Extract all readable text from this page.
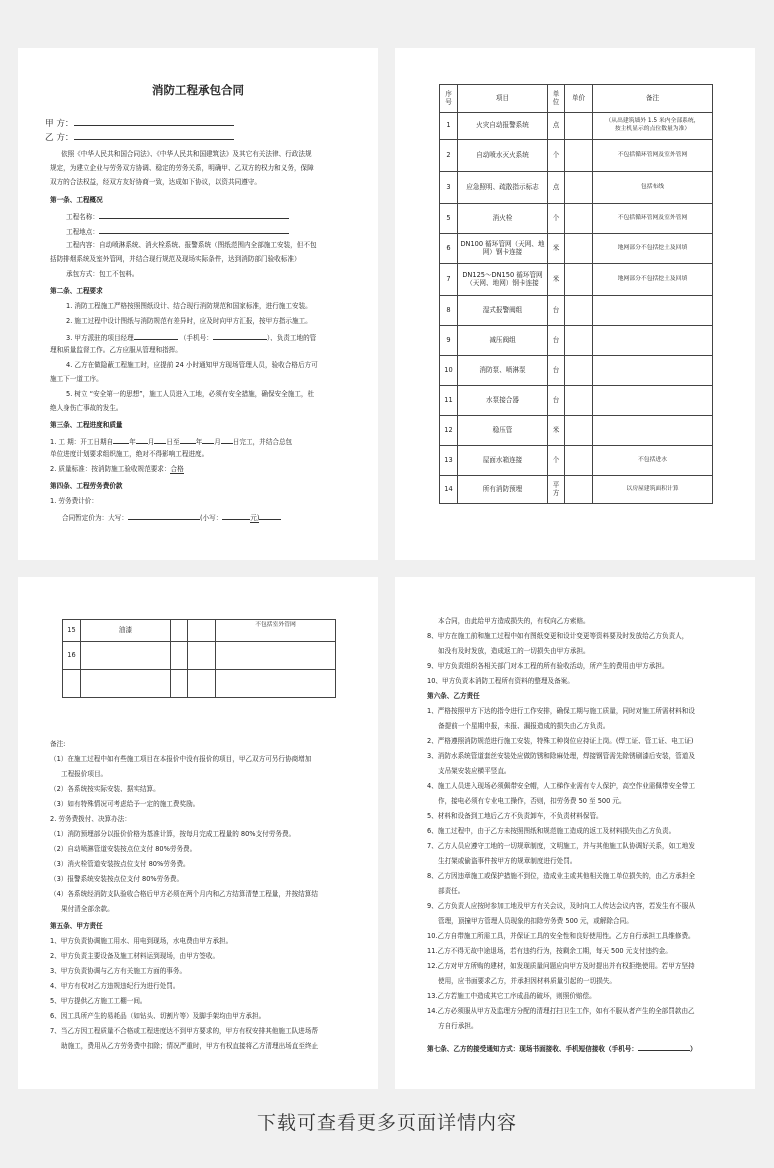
消防工程承包合同
甲 方：
乙 方：
依照《中华人民共和国合同法》、《中华人民共和国建筑法》及其它有关法律、行政法规
规定，为建立企业与劳务双方协调、稳定的劳务关系，明确甲、乙双方的权力和义务，保障
双方的合法权益，经双方友好协商一致，达成如下协议，以资共同遵守。
第一条、工程概况
工程名称：
工程地点：
工程内容：自动喷淋系统、消火栓系统、报警系统（图纸范围内全部施工安装，但不包
括防排烟系统及室外管网，并结合现行规范及现场实际条件，达到消防部门验收标准）
承包方式：包工不包料。
第二条、工程要求
1. 消防工程施工严格按照图纸设计、结合现行消防规范和国家标准，进行施工安装。
2. 施工过程中设计图纸与消防规范有差异时，应及时向甲方汇报，按甲方指示施工。
3. 甲方派驻的项目经理	（手机号：	）、负责工地的管
理和质量监督工作。乙方应服从管理和指挥。
4. 乙方在做隐蔽工程施工时，应提前 24 小时通知甲方现场管理人员，验收合格后方可
施工下一道工序。
5. 树立 “安全第一的思想”，施工人员进入工地，必须有安全措施，确保安全施工，杜
绝人身伤亡事故的发生。
第三条、工程进度和质量
1. 工 期：开工日期自 年 月 日至 年 月 日完工，并结合总包
单位进度计划要求组织施工，绝对不得影响工程进度。
2. 质量标准：按消防施工验收规范要求：合格
第四条、工程劳务费价款
1. 劳务费计价：
合同暂定价为：大写：	(小写：	元)
序号	项目	单位	单价	备注
1	火灾自动报警系统	点		（从出建筑墙外 1.5 米内全部系统，
按主机显示的点位数量为准）

2	自动喷水灭火系统	个		不包括循环管网及室外管网

3	应急照明、疏散指示标志	点		包括布线

5	消火栓	个		不包括循环管网及室外管网

6	DN100 循环管网（天网、地网）钢卡连接	米		地网部分不包括挖土及回填

7	DN125～DN150 循环管网（天网、地网）钢卡连接	米		地网部分不包括挖土及回填

8	湿式报警阀组	台		

9	减压阀组	台		

10	消防泵、喷淋泵	台		

11	水泵接合器	台		

12	稳压管	米		

13	屋面水箱连接	个		不包括进水

14	所有消防预埋	平方		以房屋建筑面积计算
15	油漆			不包括室外管网
16				

备注:
（1）在施工过程中如有些施工项目在本报价中没有报价的项目，甲乙双方可另行协商增加
工程报价项目。
（2）各系统按实际安装、据实结算。
（3）如有特殊情况可考虑给予一定的施工费奖励。
2. 劳务费拨付、决算办法：
（1）消防预埋部分以报价价格为基准计算，按每月完成工程量的 80%支付劳务费。
（2）自动喷淋管道安装按点位支付 80%劳务费。
（3）消火栓管道安装按点位支付 80%劳务费。
（3）报警系统安装按点位支付 80%劳务费。
（4）各系统经消防支队验收合格后甲方必须在两个月内和乙方结算清楚工程量，并按结算结
果付清全部余款。
第五条、甲方责任
1、甲方负责协调施工用水、用电到现场，水电费由甲方承担。
2、甲方负责主要设备及施工材料运到现场，由甲方签收。
3、甲方负责协调与乙方有关施工方面的事务。
4、甲方有权对乙方违规违纪行为进行处罚。
5、甲方提供乙方施工工棚一间。
6、因工具所产生的易耗品（如钻头、切割片等）及脚手架均由甲方承担。
7、当乙方因工程质量不合格或工程进度达不到甲方要求的，甲方有权安排其他施工队进场帮
助施工，费用从乙方劳务费中扣除；情况严重时，甲方有权直接将乙方清理出场直至终止
本合同，由此给甲方造成损失的，有权向乙方索赔。
8、甲方在施工前和施工过程中如有图纸变更和设计变更等资料要及时发放给乙方负责人，
如没有及时发放，造成返工的一切损失由甲方承担。
9、甲方负责组织各相关部门对本工程的所有验收活动，所产生的费用由甲方承担。
10、甲方负责本消防工程所有资料的整理及备案。
第六条、乙方责任
1、严格按照甲方下达的指令进行工作安排，确保工期与施工质量，同时对施工所需材料和设
备提前一个星期申报，未报、漏报造成的损失由乙方负责。
2、严格遵照消防规范进行施工安装，特殊工种岗位应持证上岗。(焊工证、管工证、电工证)
3、消防水系统管道套丝安装处应做防锈和除麻处理，焊接钢管需先除锈刷漆后安装，管道及
支吊架安装应横平竖直。
4、施工人员进入现场必须佩带安全帽，人工梯作业需有专人保护，高空作业需佩带安全带工
作，接电必须有专业电工操作，否则，扣劳务费 50 至 500 元。
5、材料和设备到工地后乙方不负责卸车，不负责材料保管。
6、施工过程中，由于乙方未按照图纸和规范施工造成的返工及材料损失由乙方负责。
7、乙方人员应遵守工地的一切规章制度，文明施工，并与其他施工队协调好关系，如工地发
生打架或偷盗事件按甲方的规章制度进行处罚。
8、乙方因违章施工或保护措施不到位，造成业主或其他相关施工单位损失的，由乙方承担全
部责任。
9、乙方负责人应按时参加工地及甲方有关会议，及时向工人传达会议内容，若发生有不服从
管理，顶撞甲方管理人员现象的扣除劳务费 500 元，或解除合同。
10.乙方自带施工所需工具，并保证工具的安全性和良好使用性。乙方自行承担工具维修费。
11.乙方不得无故中途退场，若有违约行为，按剩余工期，每天 500 元支付违约金。
12.乙方对甲方所购的建材，如发现质量问题应向甲方及时提出并有权拒绝使用。若甲方坚持
使用，应书面要求乙方，并承担因材料质量引起的一切损失。
13.乙方若施工中造成其它工序成品的破坏，则照价赔偿。
14.乙方必须服从甲方及监理方分配的清理打扫卫生工作，如有不服从者产生的全部罚款由乙
方自行承担。
第七条、乙方的接受通知方式：现场书面接收、手机短信接收（手机号：	）
下载可查看更多页面详情内容
